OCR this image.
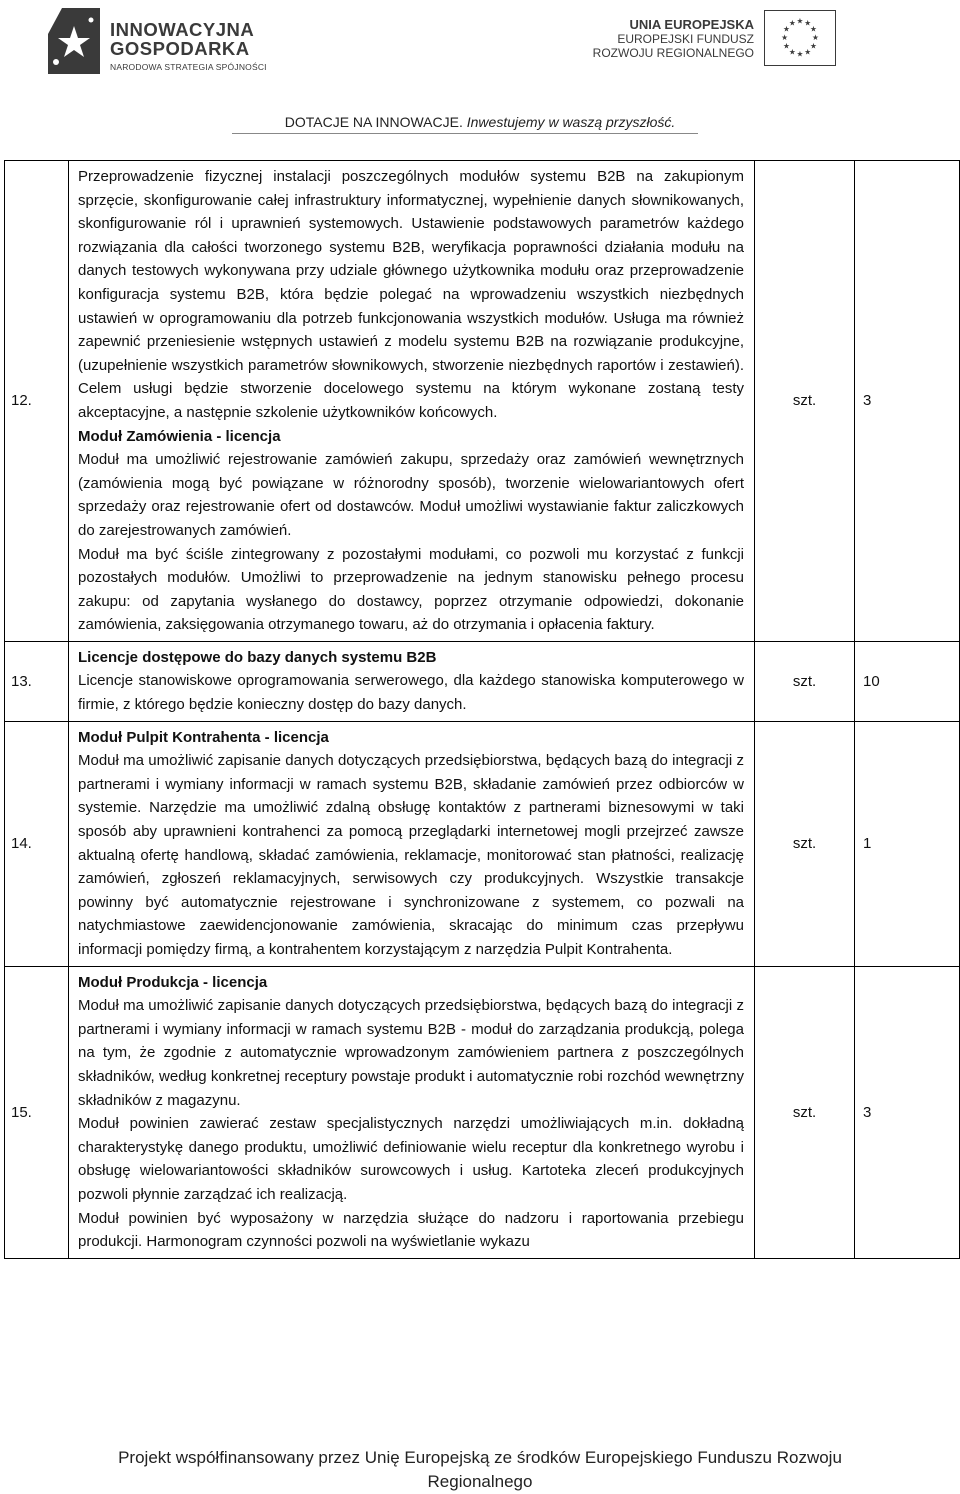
INNOWACYJNA
GOSPODARKA
NARODOWA STRATEGIA SPÓJNOŚCI
UNIA EUROPEJSKA
EUROPEJSKI FUNDUSZ
ROZWOJU REGIONALNEGO
★ ★
★
★
★
★
★
★
★
★
★
★
DOTACJE NA INNOWACJE. Inwestujemy w waszą przyszłość.
12.	Przeprowadzenie fizycznej instalacji poszczególnych modułów systemu B2B na zakupionym sprzęcie, skonfigurowanie całej infrastruktury informatycznej, wypełnienie danych słownikowanych, skonfigurowanie ról i uprawnień systemowych. Ustawienie podstawowych parametrów każdego rozwiązania dla całości tworzonego systemu B2B, weryfikacja poprawności działania modułu na danych testowych wykonywana przy udziale głównego użytkownika modułu oraz przeprowadzenie konfiguracja systemu B2B, która będzie polegać na wprowadzeniu wszystkich niezbędnych ustawień w oprogramowaniu dla potrzeb funkcjonowania wszystkich modułów. Usługa ma również zapewnić przeniesienie wstępnych ustawień z modelu systemu B2B na rozwiązanie produkcyjne, (uzupełnienie wszystkich parametrów słownikowych, stworzenie niezbędnych raportów i zestawień). Celem usługi będzie stworzenie docelowego systemu na którym wykonane zostaną testy akceptacyjne, a następnie szkolenie użytkowników końcowych.
Moduł Zamówienia - licencja
Moduł ma umożliwić rejestrowanie zamówień zakupu, sprzedaży oraz zamówień wewnętrznych (zamówienia mogą być powiązane w różnorodny sposób), tworzenie wielowariantowych ofert sprzedaży oraz rejestrowanie ofert od dostawców. Moduł umożliwi wystawianie faktur zaliczkowych do zarejestrowanych zamówień.
Moduł ma być ściśle zintegrowany z pozostałymi modułami, co pozwoli mu korzystać z funkcji pozostałych modułów. Umożliwi to przeprowadzenie na jednym stanowisku pełnego procesu zakupu: od zapytania wysłanego do dostawcy, poprzez otrzymanie odpowiedzi, dokonanie zamówienia, zaksięgowania otrzymanego towaru, aż do otrzymania i opłacenia faktury.	szt.	3
13.	Licencje dostępowe do bazy danych systemu B2B
Licencje stanowiskowe oprogramowania serwerowego, dla każdego stanowiska komputerowego w firmie, z którego będzie konieczny dostęp do bazy danych.	szt.	10
14.	Moduł Pulpit Kontrahenta - licencja
Moduł ma umożliwić zapisanie danych dotyczących przedsiębiorstwa, będących bazą do integracji z partnerami i wymiany informacji w ramach systemu B2B, składanie zamówień przez odbiorców w systemie. Narzędzie ma umożliwić zdalną obsługę kontaktów z partnerami biznesowymi w taki sposób aby uprawnieni kontrahenci za pomocą przeglądarki internetowej mogli przejrzeć zawsze aktualną ofertę handlową, składać zamówienia, reklamacje, monitorować stan płatności, realizację zamówień, zgłoszeń reklamacyjnych, serwisowych czy produkcyjnych. Wszystkie transakcje powinny być automatycznie rejestrowane i synchronizowane z systemem, co pozwali na natychmiastowe zaewidencjonowanie zamówienia, skracając do minimum czas przepływu informacji pomiędzy firmą, a kontrahentem korzystającym z narzędzia Pulpit Kontrahenta.	szt.	1
15.	Moduł Produkcja - licencja
Moduł ma umożliwić zapisanie danych dotyczących przedsiębiorstwa, będących bazą do integracji z partnerami i wymiany informacji w ramach systemu B2B - moduł do zarządzania produkcją, polega na tym, że zgodnie z automatycznie wprowadzonym zamówieniem partnera z poszczególnych składników, według konkretnej receptury powstaje produkt i automatycznie robi rozchód wewnętrzny składników z magazynu.
Moduł powinien zawierać zestaw specjalistycznych narzędzi umożliwiających m.in. dokładną charakterystykę danego produktu, umożliwić definiowanie wielu receptur dla konkretnego wyrobu i obsługę wielowariantowości składników surowcowych i usług. Kartoteka zleceń produkcyjnych pozwoli płynnie zarządzać ich realizacją.
Moduł powinien być wyposażony w narzędzia służące do nadzoru i raportowania przebiegu produkcji. Harmonogram czynności pozwoli na wyświetlanie wykazu	szt.	3
Projekt współfinansowany przez Unię Europejską ze środków Europejskiego Funduszu Rozwoju
Regionalnego
